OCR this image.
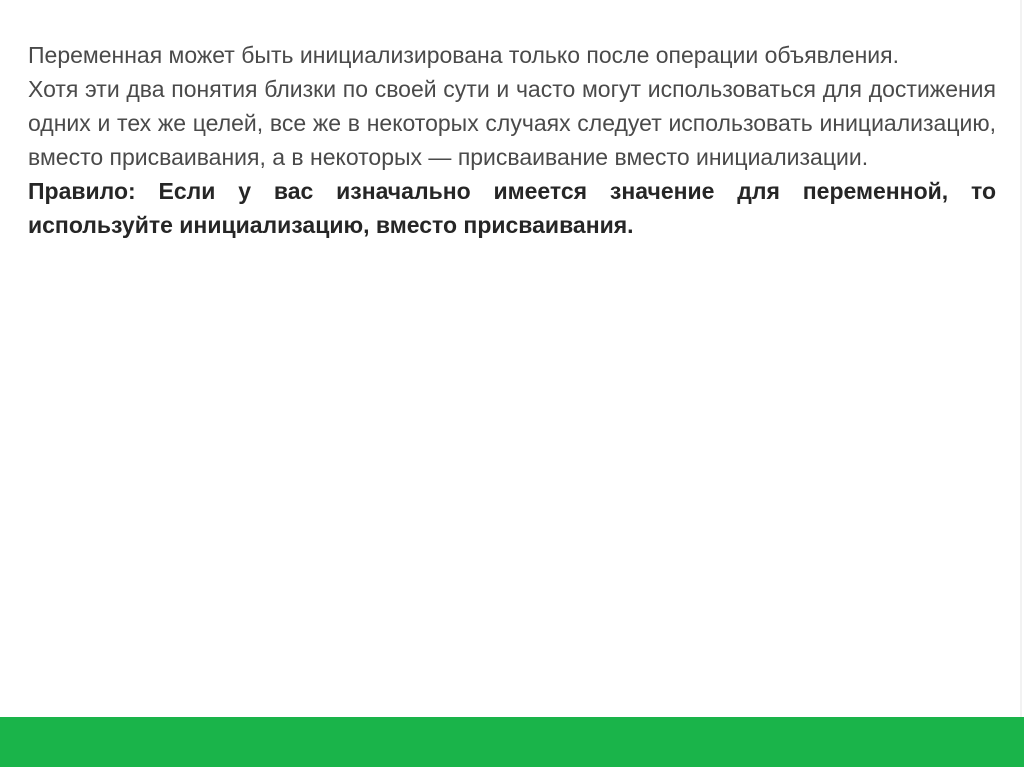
Переменная может быть инициализирована только после операции объявления.

Хотя эти два понятия близки по своей сути и часто могут использоваться для достижения одних и тех же целей, все же в некоторых случаях следует использовать инициализацию, вместо присваивания, а в некоторых — присваивание вместо инициализации.

Правило: Если у вас изначально имеется значение для переменной, то используйте инициализацию, вместо присваивания.
